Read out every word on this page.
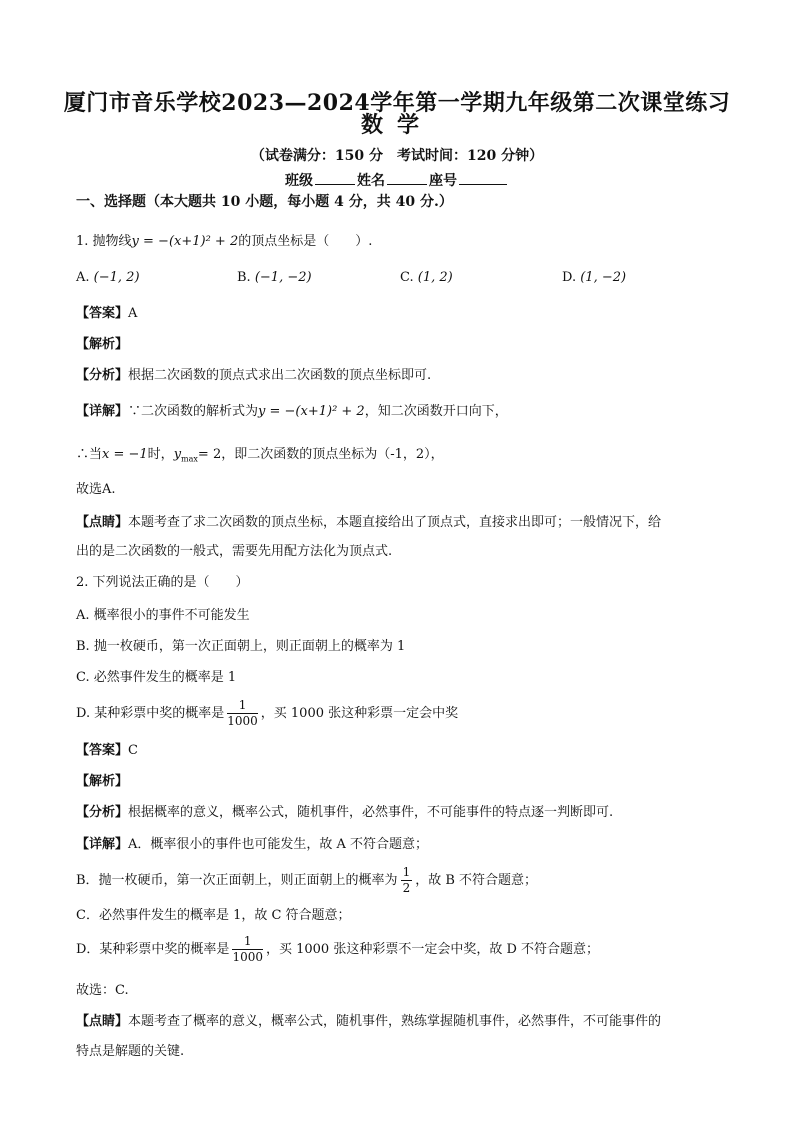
厦门市音乐学校2023—2024学年第一学期九年级第二次课堂练习
数学
（试卷满分：150 分　考试时间：120 分钟）
班级	姓名	座号
一、选择题（本大题共 10 小题，每小题 4 分，共 40 分.）
1. 抛物线y = −(x+1)² + 2的顶点坐标是（　　）.
A. (−1, 2)	B. (−1, −2)	C. (1, 2)	D. (1, −2)
【答案】A
【解析】
【分析】根据二次函数的顶点式求出二次函数的顶点坐标即可.
【详解】∵二次函数的解析式为y = −(x+1)² + 2，知二次函数开口向下，
∴当x = −1时，$y_{max}= 2$，即二次函数的顶点坐标为（-1，2），
故选A.
【点睛】本题考查了求二次函数的顶点坐标，本题直接给出了顶点式，直接求出即可；一般情况下，给
出的是二次函数的一般式，需要先用配方法化为顶点式.
2. 下列说法正确的是（　　）
A. 概率很小的事件不可能发生
B. 抛一枚硬币，第一次正面朝上，则正面朝上的概率为 1
C. 必然事件发生的概率是 1
D. 某种彩票中奖的概率是 $\frac{1}{1000}$ ，买 1000 张这种彩票一定会中奖
【答案】C
【解析】
【分析】根据概率的意义，概率公式，随机事件，必然事件，不可能事件的特点逐一判断即可.
【详解】A．概率很小的事件也可能发生，故 A 不符合题意；
B．抛一枚硬币，第一次正面朝上，则正面朝上的概率为 $\frac{1}{2}$ ，故 B 不符合题意；
C．必然事件发生的概率是 1，故 C 符合题意；
D．某种彩票中奖的概率是 $\frac{1}{1000}$ ，买 1000 张这种彩票不一定会中奖，故 D 不符合题意；
故选：C.
【点睛】本题考查了概率的意义，概率公式，随机事件，熟练掌握随机事件，必然事件，不可能事件的
特点是解题的关键.
